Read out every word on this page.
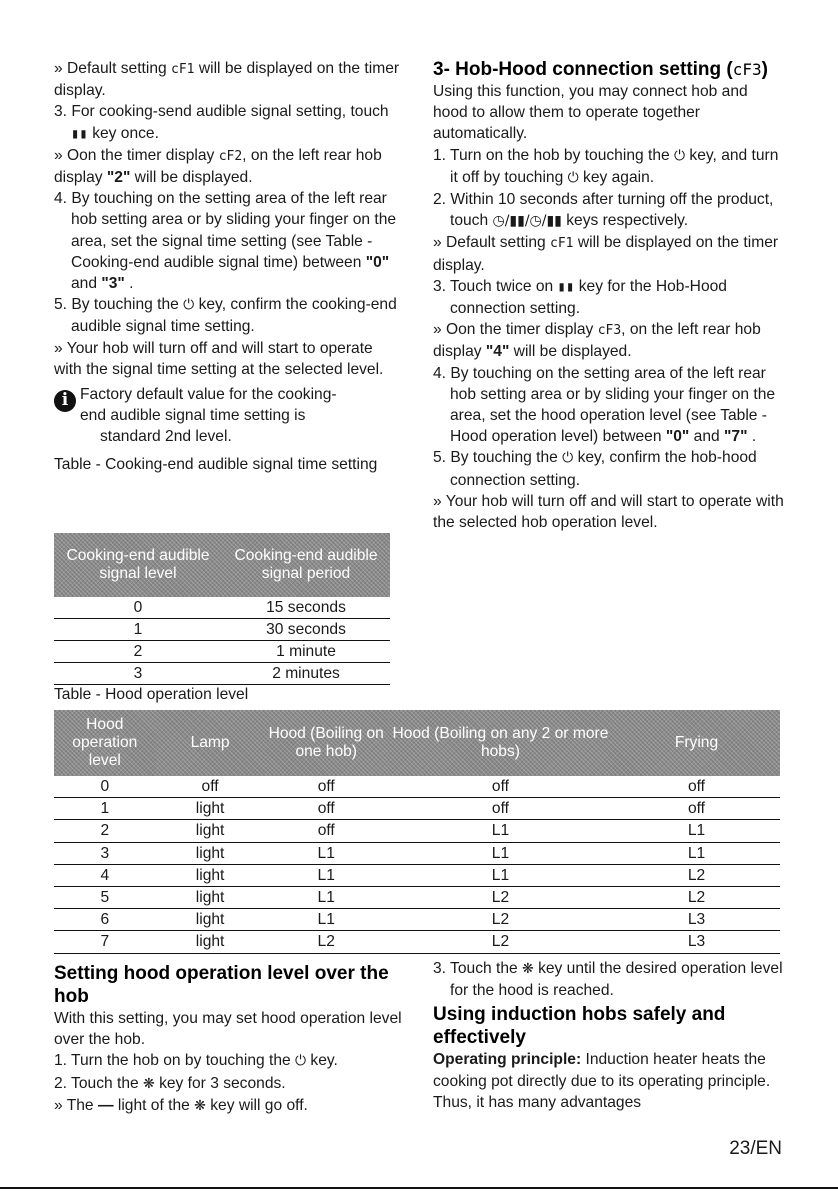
» Default setting cF1 will be displayed on the timer display.

3. For cooking-send audible signal setting, touch ▮▮ key once.

» Oon the timer display cF2, on the left rear hob display "2" will be displayed.

4. By touching on the setting area of the left rear hob setting area or by sliding your finger on the area, set the signal time setting (see Table - Cooking-end audible signal time) between "0" and "3" .

5. By touching the ⏻ key, confirm the cooking-end audible signal time setting.

» Your hob will turn off and will start to operate with the signal time setting at the selected level.

i Factory default value for the cooking-
end audible signal time setting is
standard 2nd level.

Table - Cooking-end audible signal time setting

Cooking-end audible signal level	Cooking-end audible signal period
0	15 seconds
1	30 seconds
2	1 minute
3	2 minutes
Table - Hood operation level
3- Hob-Hood connection setting (cF3)

Using this function, you may connect hob and hood to allow them to operate together automatically.

1. Turn on the hob by touching the ⏻ key, and turn it off by touching ⏻ key again.

2. Within 10 seconds after turning off the product, touch ◷/▮▮/◷/▮▮ keys respectively.

» Default setting cF1 will be displayed on the timer display.

3. Touch twice on ▮▮ key for the Hob-Hood connection setting.

» Oon the timer display cF3, on the left rear hob display "4" will be displayed.

4. By touching on the setting area of the left rear hob setting area or by sliding your finger on the area, set the hood operation level (see Table - Hood operation level) between "0" and "7" .

5. By touching the ⏻ key, confirm the hob-hood connection setting.

» Your hob will turn off and will start to operate with the selected hob operation level.

Hood operation level	Lamp	Hood (Boiling on one hob)	Hood (Boiling on any 2 or more hobs)	Frying
0	off	off	off	off
1	light	off	off	off
2	light	off	L1	L1
3	light	L1	L1	L1
4	light	L1	L1	L2
5	light	L1	L2	L2
6	light	L1	L2	L3
7	light	L2	L2	L3
Setting hood operation level over the hob

With this setting, you may set hood operation level over the hob.

1. Turn the hob on by touching the ⏻ key.

2. Touch the ❋ key for 3 seconds.

» The — light of the ❋ key will go off.

3. Touch the ❋ key until the desired operation level for the hood is reached.

Using induction hobs safely and effectively

Operating principle: Induction heater heats the cooking pot directly due to its operating principle. Thus, it has many advantages

23/EN
